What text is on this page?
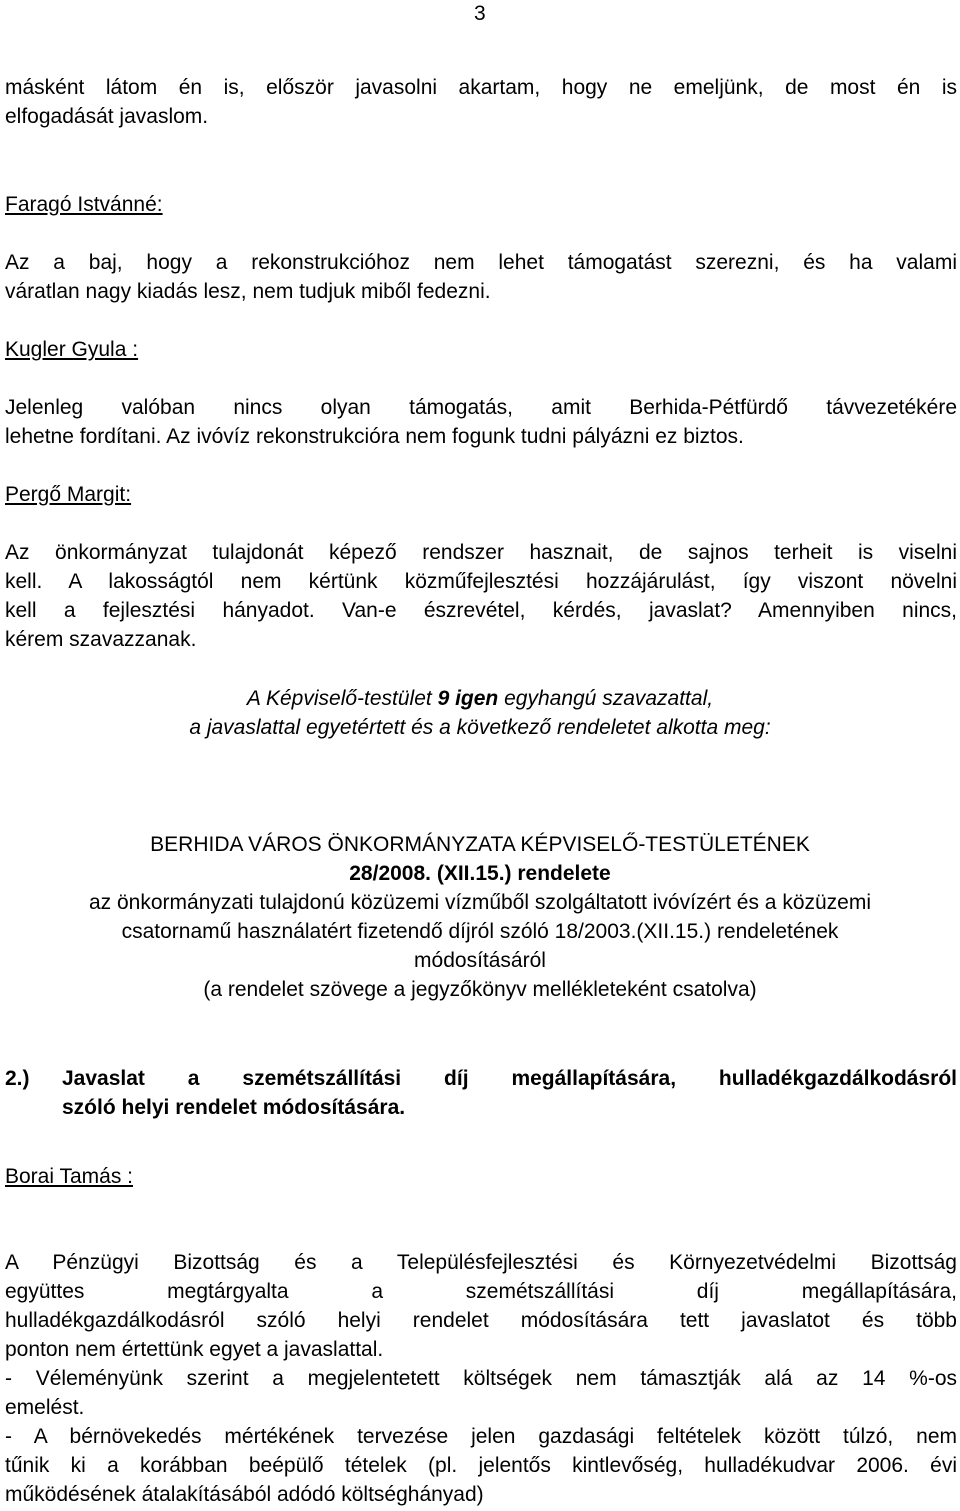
3
másként látom én is, először javasolni akartam, hogy ne emeljünk, de most én is
elfogadását javaslom.
Faragó Istvánné:
Az a baj, hogy a rekonstrukcióhoz nem lehet támogatást szerezni, és ha valami
váratlan nagy kiadás lesz, nem tudjuk miből fedezni.
Kugler Gyula :
Jelenleg valóban nincs olyan támogatás, amit Berhida-Pétfürdő távvezetékére
lehetne fordítani. Az ivóvíz rekonstrukcióra nem fogunk tudni pályázni ez biztos.
Pergő Margit:
Az önkormányzat tulajdonát képező rendszer hasznait, de sajnos terheit is viselni
kell. A lakosságtól nem kértünk közműfejlesztési hozzájárulást, így viszont növelni
kell a fejlesztési hányadot. Van-e észrevétel, kérdés, javaslat? Amennyiben nincs,
kérem szavazzanak.
A Képviselő-testület 9 igen egyhangú szavazattal,
a javaslattal egyetértett és a következő rendeletet alkotta meg:
BERHIDA VÁROS ÖNKORMÁNYZATA KÉPVISELŐ-TESTÜLETÉNEK
28/2008. (XII.15.) rendelete
az önkormányzati tulajdonú közüzemi vízműből szolgáltatott ivóvízért és a közüzemi
csatornamű használatért fizetendő díjról szóló 18/2003.(XII.15.) rendeletének
módosításáról
(a rendelet szövege a jegyzőkönyv mellékleteként csatolva)
2.)	Javaslat a szemétszállítási díj megállapítására, hulladékgazdálkodásról
szóló helyi rendelet módosítására.
Borai Tamás :
A Pénzügyi Bizottság és a Településfejlesztési és Környezetvédelmi Bizottság
együttes megtárgyalta a szemétszállítási díj megállapítására,
hulladékgazdálkodásról szóló helyi rendelet módosítására tett javaslatot és több
ponton nem értettünk egyet a javaslattal.
- Véleményünk szerint a megjelentetett költségek nem támasztják alá az 14 %-os
emelést.
- A bérnövekedés mértékének tervezése jelen gazdasági feltételek között túlzó, nem
tűnik ki a korábban beépülő tételek (pl. jelentős kintlevőség, hulladékudvar 2006. évi
működésének átalakításából adódó költséghányad)
